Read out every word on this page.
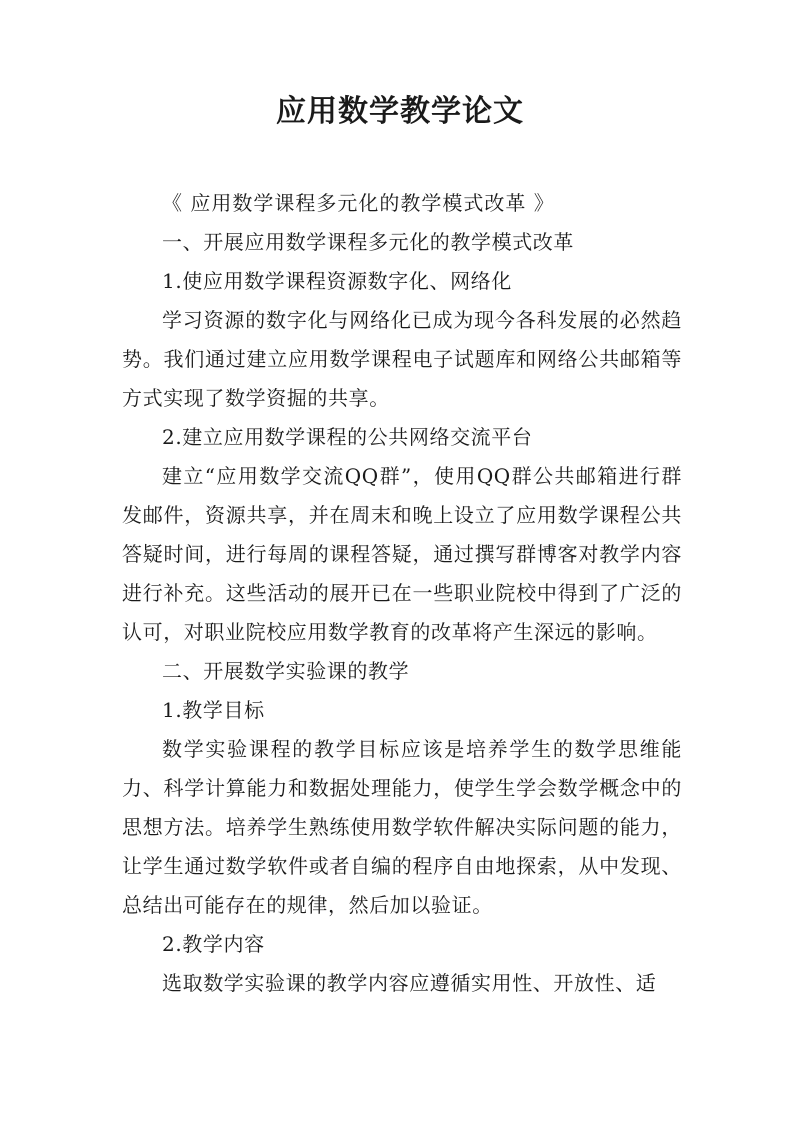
应用数学教学论文

《 应用数学课程多元化的教学模式改革 》

一、开展应用数学课程多元化的教学模式改革

1.使应用数学课程资源数字化、网络化

学习资源的数字化与网络化已成为现今各科发展的必然趋势。我们通过建立应用数学课程电子试题库和网络公共邮箱等方式实现了数学资掘的共享。

2.建立应用数学课程的公共网络交流平台

建立“应用数学交流QQ群”，使用QQ群公共邮箱进行群发邮件，资源共享，并在周末和晚上设立了应用数学课程公共答疑时间，进行每周的课程答疑，通过撰写群博客对教学内容进行补充。这些活动的展开已在一些职业院校中得到了广泛的认可，对职业院校应用数学教育的改革将产生深远的影响。

二、开展数学实验课的教学

1.教学目标

数学实验课程的教学目标应该是培养学生的数学思维能力、科学计算能力和数据处理能力，使学生学会数学概念中的思想方法。培养学生熟练使用数学软件解决实际问题的能力，让学生通过数学软件或者自编的程序自由地探索，从中发现、总结出可能存在的规律，然后加以验证。

2.教学内容

选取数学实验课的教学内容应遵循实用性、开放性、适
